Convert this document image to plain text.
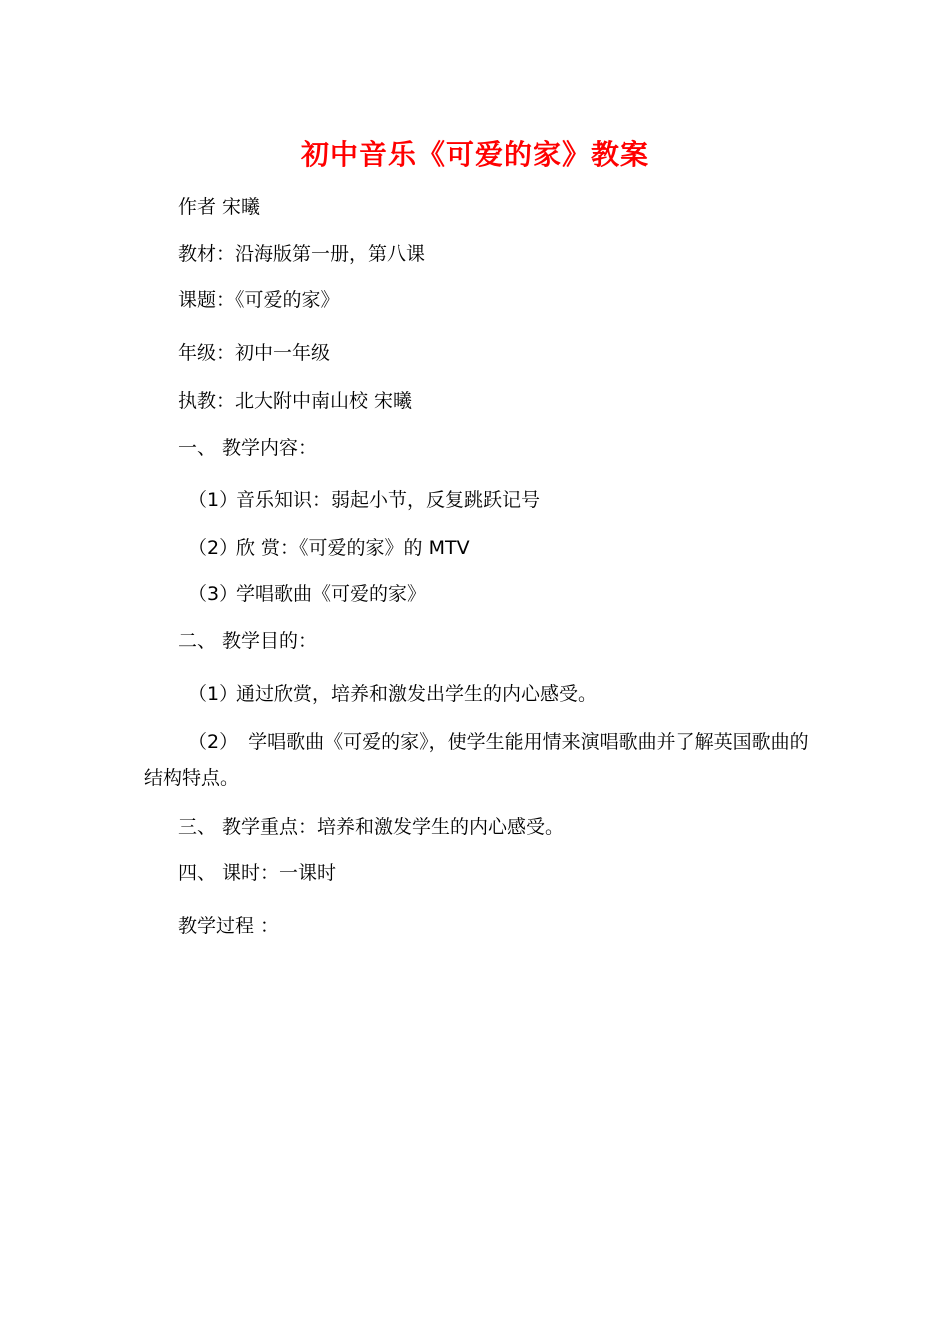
初中音乐《可爱的家》教案
作者 宋曦
教材：沿海版第一册，第八课
课题：《可爱的家》
年级：初中一年级
执教：北大附中南山校 宋曦
一、 教学内容：
（1）音乐知识：弱起小节，反复跳跃记号
（2）欣 赏：《可爱的家》的 MTV
（3）学唱歌曲《可爱的家》
二、 教学目的：
（1）通过欣赏，培养和激发出学生的内心感受。
（2） 学唱歌曲《可爱的家》，使学生能用情来演唱歌曲并了解英国歌曲的结构特点。
三、 教学重点：培养和激发学生的内心感受。
四、 课时：一课时
教学过程 ：
